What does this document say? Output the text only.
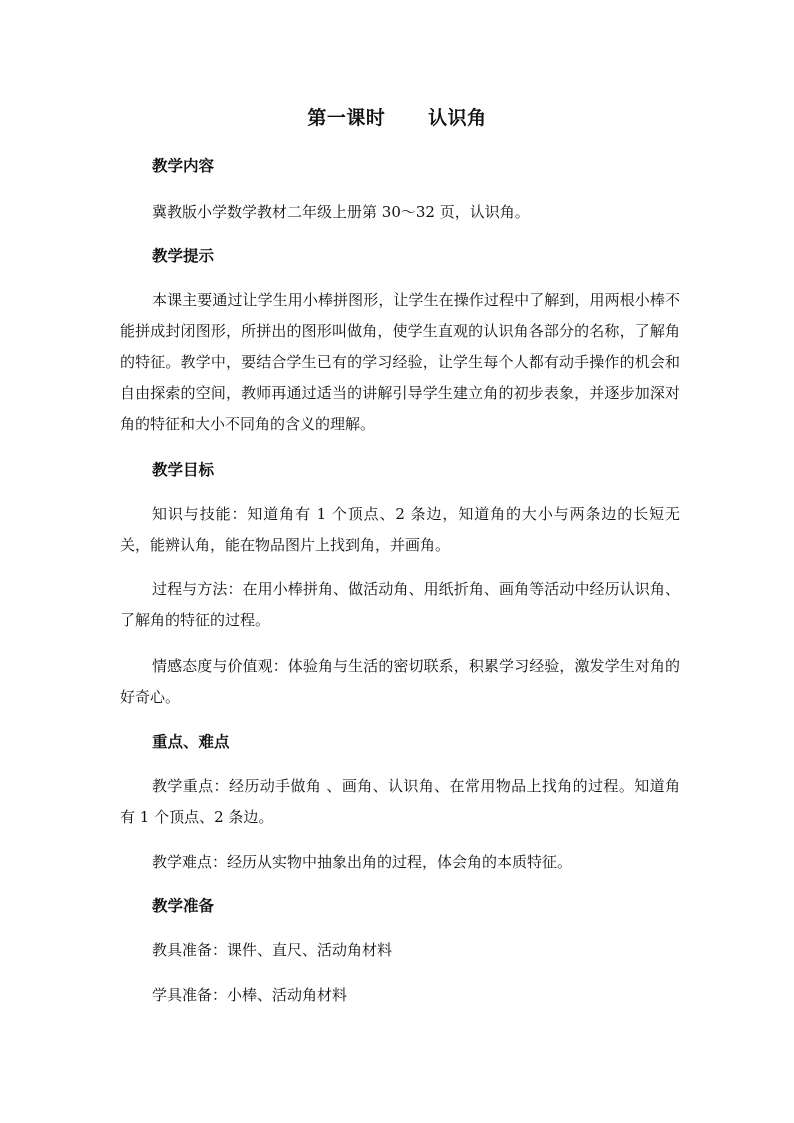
第一课时      认识角
教学内容
冀教版小学数学教材二年级上册第 30～32 页，认识角。
教学提示
本课主要通过让学生用小棒拼图形，让学生在操作过程中了解到，用两根小棒不能拼成封闭图形，所拼出的图形叫做角，使学生直观的认识角各部分的名称，了解角的特征。教学中，要结合学生已有的学习经验，让学生每个人都有动手操作的机会和自由探索的空间，教师再通过适当的讲解引导学生建立角的初步表象，并逐步加深对角的特征和大小不同角的含义的理解。
教学目标
知识与技能：知道角有 1 个顶点、2 条边，知道角的大小与两条边的长短无关，能辨认角，能在物品图片上找到角，并画角。
过程与方法：在用小棒拼角、做活动角、用纸折角、画角等活动中经历认识角、了解角的特征的过程。
情感态度与价值观：体验角与生活的密切联系，积累学习经验，激发学生对角的好奇心。
重点、难点
教学重点：经历动手做角 、画角、认识角、在常用物品上找角的过程。知道角有 1 个顶点、2 条边。
教学难点：经历从实物中抽象出角的过程，体会角的本质特征。
教学准备
教具准备：课件、直尺、活动角材料
学具准备：小棒、活动角材料
